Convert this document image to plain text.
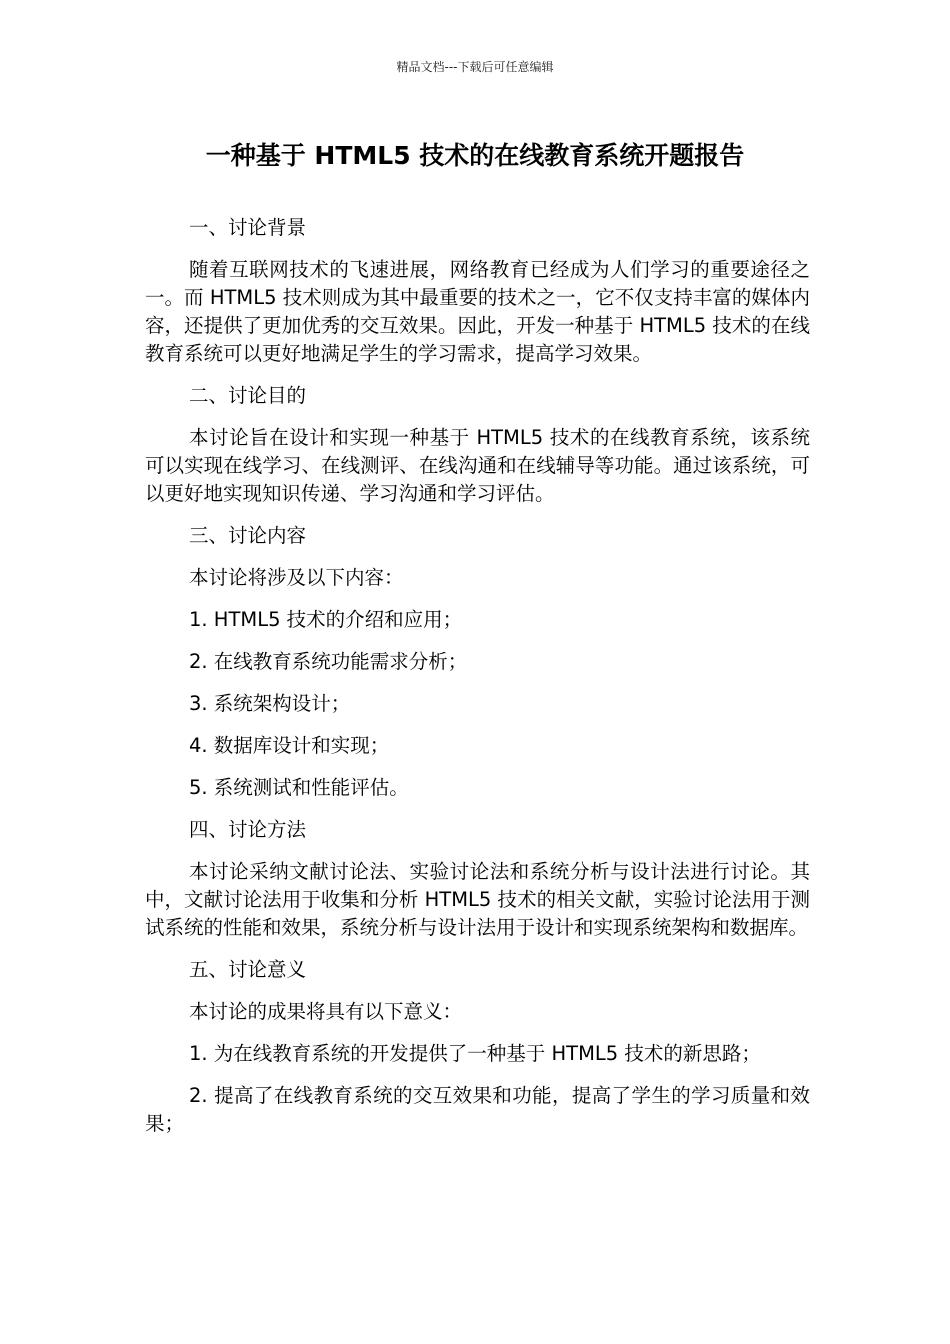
精品文档---下载后可任意编辑
一种基于 HTML5 技术的在线教育系统开题报告

一、讨论背景

随着互联网技术的飞速进展，网络教育已经成为人们学习的重要途径之一。而 HTML5 技术则成为其中最重要的技术之一，它不仅支持丰富的媒体内容，还提供了更加优秀的交互效果。因此，开发一种基于 HTML5 技术的在线教育系统可以更好地满足学生的学习需求，提高学习效果。

二、讨论目的

本讨论旨在设计和实现一种基于 HTML5 技术的在线教育系统，该系统可以实现在线学习、在线测评、在线沟通和在线辅导等功能。通过该系统，可以更好地实现知识传递、学习沟通和学习评估。

三、讨论内容

本讨论将涉及以下内容：

1. HTML5 技术的介绍和应用；

2. 在线教育系统功能需求分析；

3. 系统架构设计；

4. 数据库设计和实现；

5. 系统测试和性能评估。

四、讨论方法

本讨论采纳文献讨论法、实验讨论法和系统分析与设计法进行讨论。其中，文献讨论法用于收集和分析 HTML5 技术的相关文献，实验讨论法用于测试系统的性能和效果，系统分析与设计法用于设计和实现系统架构和数据库。

五、讨论意义

本讨论的成果将具有以下意义：

1. 为在线教育系统的开发提供了一种基于 HTML5 技术的新思路；

2. 提高了在线教育系统的交互效果和功能，提高了学生的学习质量和效果；
